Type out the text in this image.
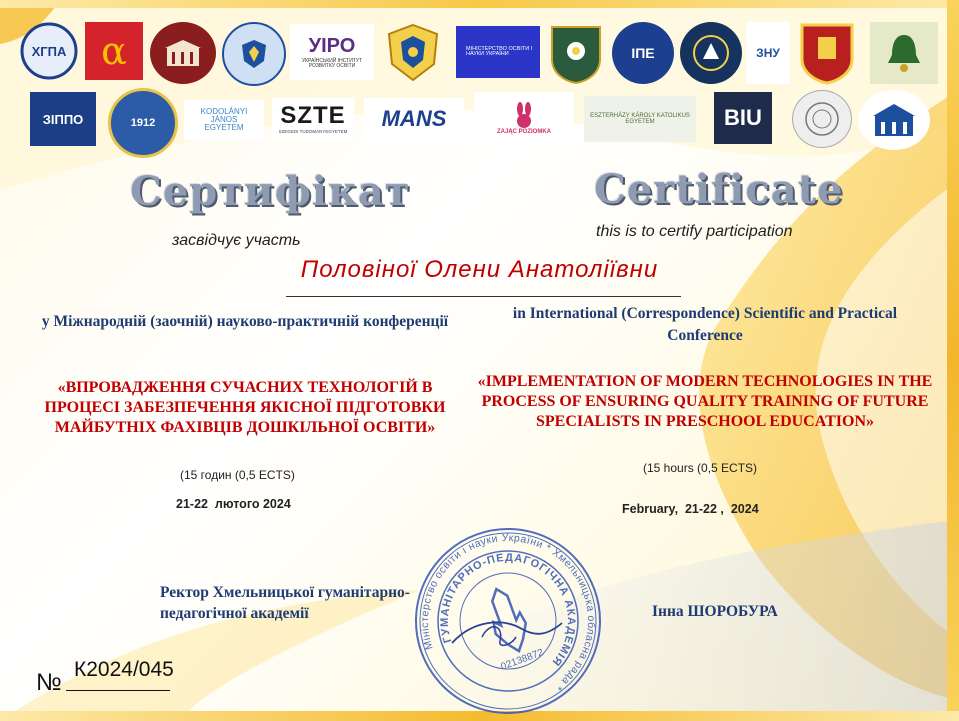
ХГПА α	УІРО
УКРАЇНСЬКИЙ ІНСТИТУТ РОЗВИТКУ ОСВІТИ
МІНІСТЕРСТВО ОСВІТИ І НАУКИ УКРАЇНИ	ІПЕ	ЗНУ
ЗІППО	1912
KODOLÁNYI JÁNOS EGYETEM	SZTE
SZEGEDI TUDOMÁNYEGYETEM
MANS
ZAJĄC POZIOMKA
ESZTERHÁZY KÁROLY KATOLIKUS EGYETEM	BIU
Сертифікат	Certificate
засвідчує участь
this is to certify participation
Половіної Олени Анатоліївни
у Міжнародній (заочній) науково-практичній конференції	in International (Correspondence) Scientific and Practical Conference
«ВПРОВАДЖЕННЯ СУЧАСНИХ ТЕХНОЛОГІЙ В ПРОЦЕСІ ЗАБЕЗПЕЧЕННЯ ЯКІСНОЇ ПІДГОТОВКИ МАЙБУТНІХ ФАХІВЦІВ ДОШКІЛЬНОЇ ОСВІТИ»
«IMPLEMENTATION OF MODERN TECHNOLOGIES IN THE PROCESS OF ENSURING QUALITY TRAINING OF FUTURE SPECIALISTS IN PRESCHOOL EDUCATION»
(15 годин (0,5 ECTS)	(15 hours (0,5 ECTS)
21-22  лютого 2024	February,  21-22 ,  2024
Ректор Хмельницької гуманітарно-педагогічної академії	Інна ШОРОБУРА
Міністерство освіти і науки України * Хмельницька обласна рада *
ГУМАНІТАРНО-ПЕДАГОГІЧНА АКАДЕМІЯ
02138872
№ К2024/045
